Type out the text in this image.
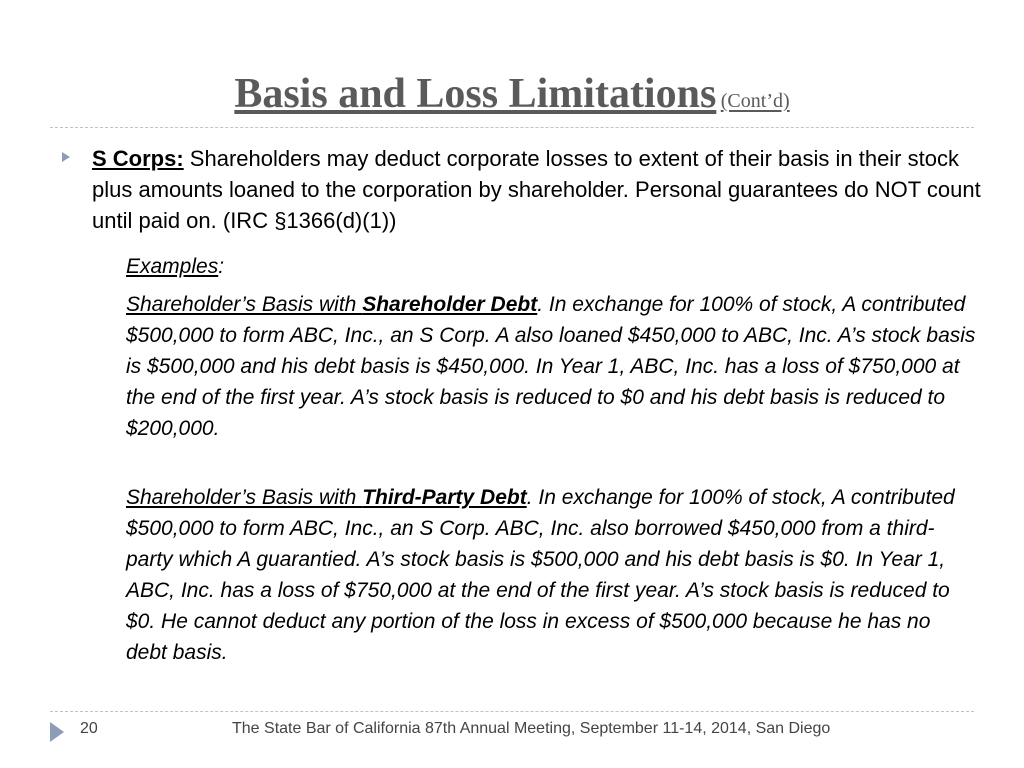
Basis and Loss Limitations (Cont’d)
S Corps: Shareholders may deduct corporate losses to extent of their basis in their stock plus amounts loaned to the corporation by shareholder. Personal guarantees do NOT count until paid on. (IRC §1366(d)(1))
Examples:
Shareholder’s Basis with Shareholder Debt. In exchange for 100% of stock, A contributed $500,000 to form ABC, Inc., an S Corp. A also loaned $450,000 to ABC, Inc. A’s stock basis is $500,000 and his debt basis is $450,000. In Year 1, ABC, Inc. has a loss of $750,000 at the end of the first year. A’s stock basis is reduced to $0 and his debt basis is reduced to $200,000.
Shareholder’s Basis with Third-Party Debt. In exchange for 100% of stock, A contributed $500,000 to form ABC, Inc., an S Corp. ABC, Inc. also borrowed $450,000 from a third-party which A guarantied. A’s stock basis is $500,000 and his debt basis is $0. In Year 1, ABC, Inc. has a loss of $750,000 at the end of the first year. A’s stock basis is reduced to $0. He cannot deduct any portion of the loss in excess of $500,000 because he has no debt basis.
20	The State Bar of California 87th Annual Meeting, September 11-14, 2014, San Diego
